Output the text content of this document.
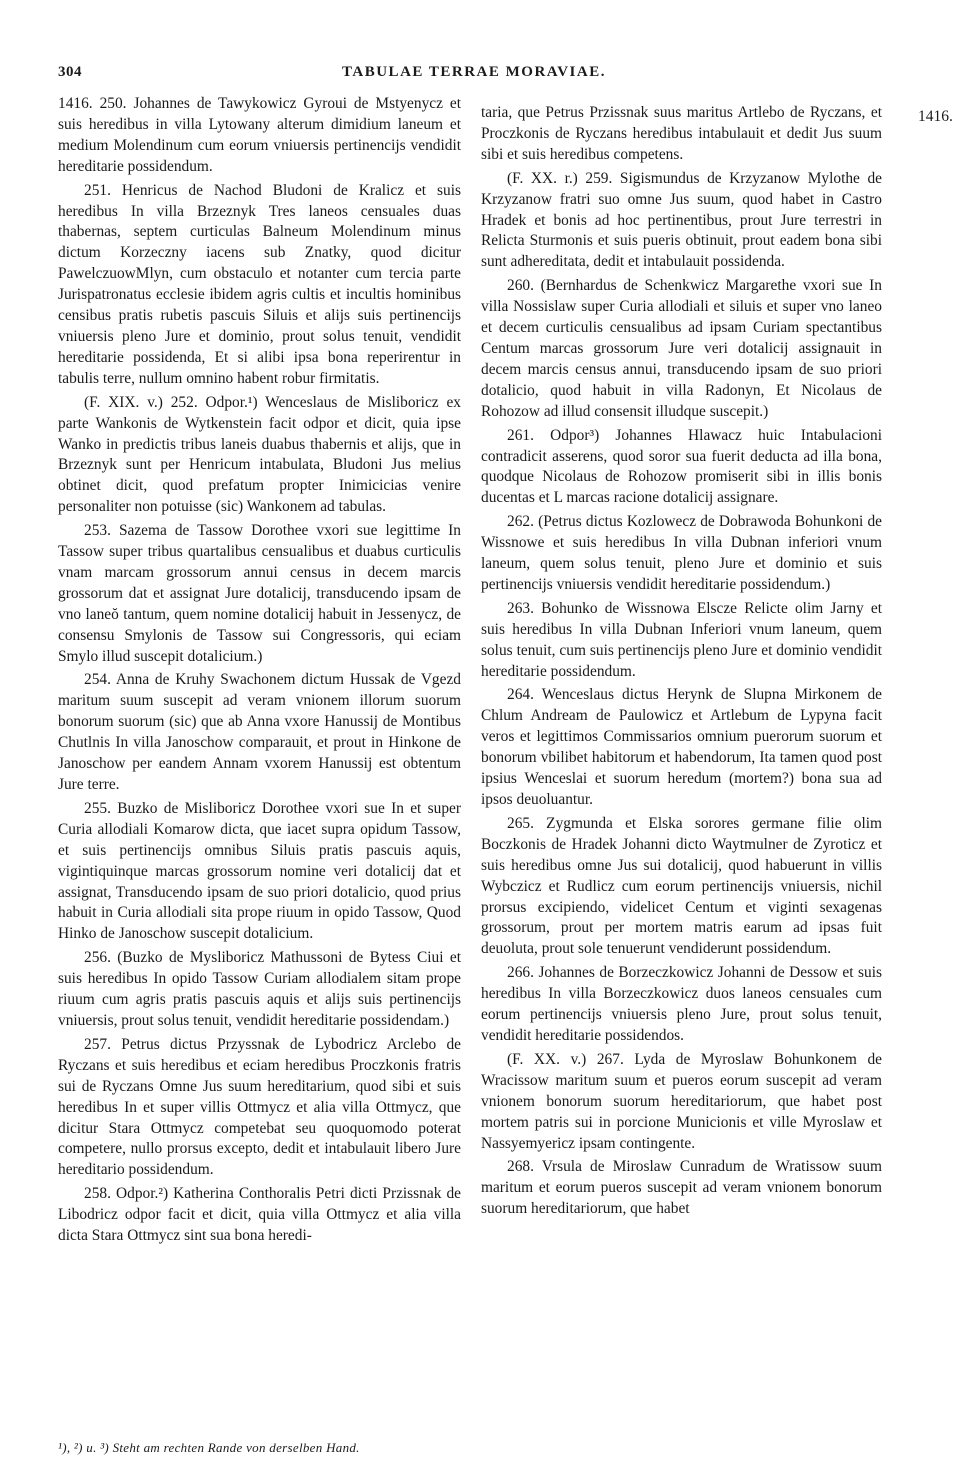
304	TABULAE TERRAE MORAVIAE.

1416. 250. Johannes de Tawykowicz Gyroui de Mstyenycz et suis heredibus in villa Lytowany alterum dimidium laneum et medium Molendinum cum eorum vniuersis pertinencijs vendidit hereditarie possidendum.

251. Henricus de Nachod Bludoni de Kralicz et suis heredibus In villa Brzeznyk Tres laneos censuales duas thabernas, septem curticulas Balneum Molendinum minus dictum Korzeczny iacens sub Znatky, quod dicitur PawelczuowMlyn, cum obstaculo et notanter cum tercia parte Jurispatronatus ecclesie ibidem agris cultis et incultis hominibus censibus pratis rubetis pascuis Siluis et alijs suis pertinencijs vniuersis pleno Jure et dominio, prout solus tenuit, vendidit hereditarie possidenda, Et si alibi ipsa bona reperirentur in tabulis terre, nullum omnino habent robur firmitatis.

(F. XIX. v.) 252. Odpor.¹) Wenceslaus de Misliboricz ex parte Wankonis de Wytkenstein facit odpor et dicit, quia ipse Wanko in predictis tribus laneis duabus thabernis et alijs, que in Brzeznyk sunt per Henricum intabulata, Bludoni Jus melius obtinet dicit, quod prefatum propter Inimicicias venire personaliter non potuisse (sic) Wankonem ad tabulas.

253. Sazema de Tassow Dorothee vxori sue legittime In Tassow super tribus quartalibus censualibus et duabus curticulis vnam marcam grossorum annui census in decem marcis grossorum dat et assignat Jure dotalicij, transducendo ipsam de vno laneŏ tantum, quem nomine dotalicij habuit in Jessenycz, de consensu Smylonis de Tassow sui Congressoris, qui eciam Smylo illud suscepit dotalicium.)

254. Anna de Kruhy Swachonem dictum Hussak de Vgezd maritum suum suscepit ad veram vnionem illorum suorum bonorum suorum (sic) que ab Anna vxore Hanussij de Montibus Chutlnis In villa Janoschow comparauit, et prout in Hinkone de Janoschow per eandem Annam vxorem Hanussij est obtentum Jure terre.

255. Buzko de Misliboricz Dorothee vxori sue In et super Curia allodiali Komarow dicta, que iacet supra opidum Tassow, et suis pertinencijs omnibus Siluis pratis pascuis aquis, vigintiquinque marcas grossorum nomine veri dotalicij dat et assignat, Transducendo ipsam de suo priori dotalicio, quod prius habuit in Curia allodiali sita prope riuum in opido Tassow, Quod Hinko de Janoschow suscepit dotalicium.

256. (Buzko de Mysliboricz Mathussoni de Bytess Ciui et suis heredibus In opido Tassow Curiam allodialem sitam prope riuum cum agris pratis pascuis aquis et alijs suis pertinencijs vniuersis, prout solus tenuit, vendidit hereditarie possidendam.)

257. Petrus dictus Przyssnak de Lybodricz Arclebo de Ryczans et suis heredibus et eciam heredibus Proczkonis fratris sui de Ryczans Omne Jus suum hereditarium, quod sibi et suis heredibus In et super villis Ottmycz et alia villa Ottmycz, que dicitur Stara Ottmycz competebat seu quoquomodo poterat competere, nullo prorsus excepto, dedit et intabulauit libero Jure hereditario possidendum.

258. Odpor.²) Katherina Conthoralis Petri dicti Przissnak de Libodricz odpor facit et dicit, quia villa Ottmycz et alia villa dicta Stara Ottmycz sint sua bona heredi-

1416.

taria, que Petrus Przissnak suus maritus Artlebo de Ryczans, et Proczkonis de Ryczans heredibus intabulauit et dedit Jus suum sibi et suis heredibus competens.

(F. XX. r.) 259. Sigismundus de Krzyzanow Mylothe de Krzyzanow fratri suo omne Jus suum, quod habet in Castro Hradek et bonis ad hoc pertinentibus, prout Jure terrestri in Relicta Sturmonis et suis pueris obtinuit, prout eadem bona sibi sunt adhereditata, dedit et intabulauit possidenda.

260. (Bernhardus de Schenkwicz Margarethe vxori sue In villa Nossislaw super Curia allodiali et siluis et super vno laneo et decem curticulis censualibus ad ipsam Curiam spectantibus Centum marcas grossorum Jure veri dotalicij assignauit in decem marcis census annui, transducendo ipsam de suo priori dotalicio, quod habuit in villa Radonyn, Et Nicolaus de Rohozow ad illud consensit illudque suscepit.)

261. Odpor³) Johannes Hlawacz huic Intabulacioni contradicit asserens, quod soror sua fuerit deducta ad illa bona, quodque Nicolaus de Rohozow promiserit sibi in illis bonis ducentas et L marcas racione dotalicij assignare.

262. (Petrus dictus Kozlowecz de Dobrawoda Bohunkoni de Wissnowe et suis heredibus In villa Dubnan inferiori vnum laneum, quem solus tenuit, pleno Jure et dominio et suis pertinencijs vniuersis vendidit hereditarie possidendum.)

263. Bohunko de Wissnowa Elscze Relicte olim Jarny et suis heredibus In villa Dubnan Inferiori vnum laneum, quem solus tenuit, cum suis pertinencijs pleno Jure et dominio vendidit hereditarie possidendum.

264. Wenceslaus dictus Herynk de Slupna Mirkonem de Chlum Andream de Paulowicz et Artlebum de Lypyna facit veros et legittimos Commissarios omnium puerorum suorum et bonorum vbilibet habitorum et habendorum, Ita tamen quod post ipsius Wenceslai et suorum heredum (mortem?) bona sua ad ipsos deuoluantur.

265. Zygmunda et Elska sorores germane filie olim Boczkonis de Hradek Johanni dicto Waytmulner de Zyroticz et suis heredibus omne Jus sui dotalicij, quod habuerunt in villis Wybczicz et Rudlicz cum eorum pertinencijs vniuersis, nichil prorsus excipiendo, videlicet Centum et viginti sexagenas grossorum, prout per mortem matris earum ad ipsas fuit deuoluta, prout sole tenuerunt vendiderunt possidendum.

266. Johannes de Borzeczkowicz Johanni de Dessow et suis heredibus In villa Borzeczkowicz duos laneos censuales cum eorum pertinencijs vniuersis pleno Jure, prout solus tenuit, vendidit hereditarie possidendos.

(F. XX. v.) 267. Lyda de Myroslaw Bohunkonem de Wracissow maritum suum et pueros eorum suscepit ad veram vnionem bonorum suorum hereditariorum, que habet post mortem patris sui in porcione Municionis et ville Myroslaw et Nassyemyericz ipsam contingente.

268. Vrsula de Miroslaw Cunradum de Wratissow suum maritum et eorum pueros suscepit ad veram vnionem bonorum suorum hereditariorum, que habet

¹), ²) u. ³) Steht am rechten Rande von derselben Hand.
